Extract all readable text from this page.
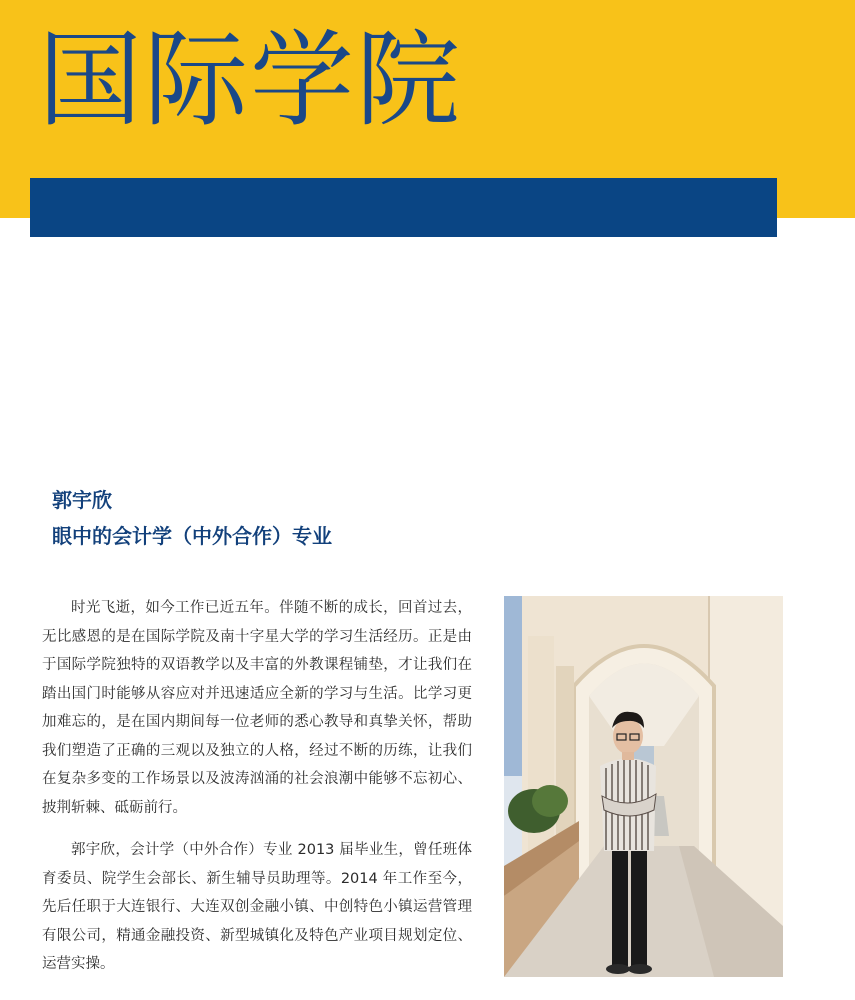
国际学院
郭宇欣
眼中的会计学（中外合作）专业

时光飞逝，如今工作已近五年。伴随不断的成长，回首过去，无比感恩的是在国际学院及南十字星大学的学习生活经历。正是由于国际学院独特的双语教学以及丰富的外教课程铺垫，才让我们在踏出国门时能够从容应对并迅速适应全新的学习与生活。比学习更加难忘的，是在国内期间每一位老师的悉心教导和真挚关怀，帮助我们塑造了正确的三观以及独立的人格，经过不断的历练，让我们在复杂多变的工作场景以及波涛汹涌的社会浪潮中能够不忘初心、披荆斩棘、砥砺前行。

郭宇欣，会计学（中外合作）专业 2013 届毕业生，曾任班体育委员、院学生会部长、新生辅导员助理等。2014 年工作至今，先后任职于大连银行、大连双创金融小镇、中创特色小镇运营管理有限公司，精通金融投资、新型城镇化及特色产业项目规划定位、运营实操。
